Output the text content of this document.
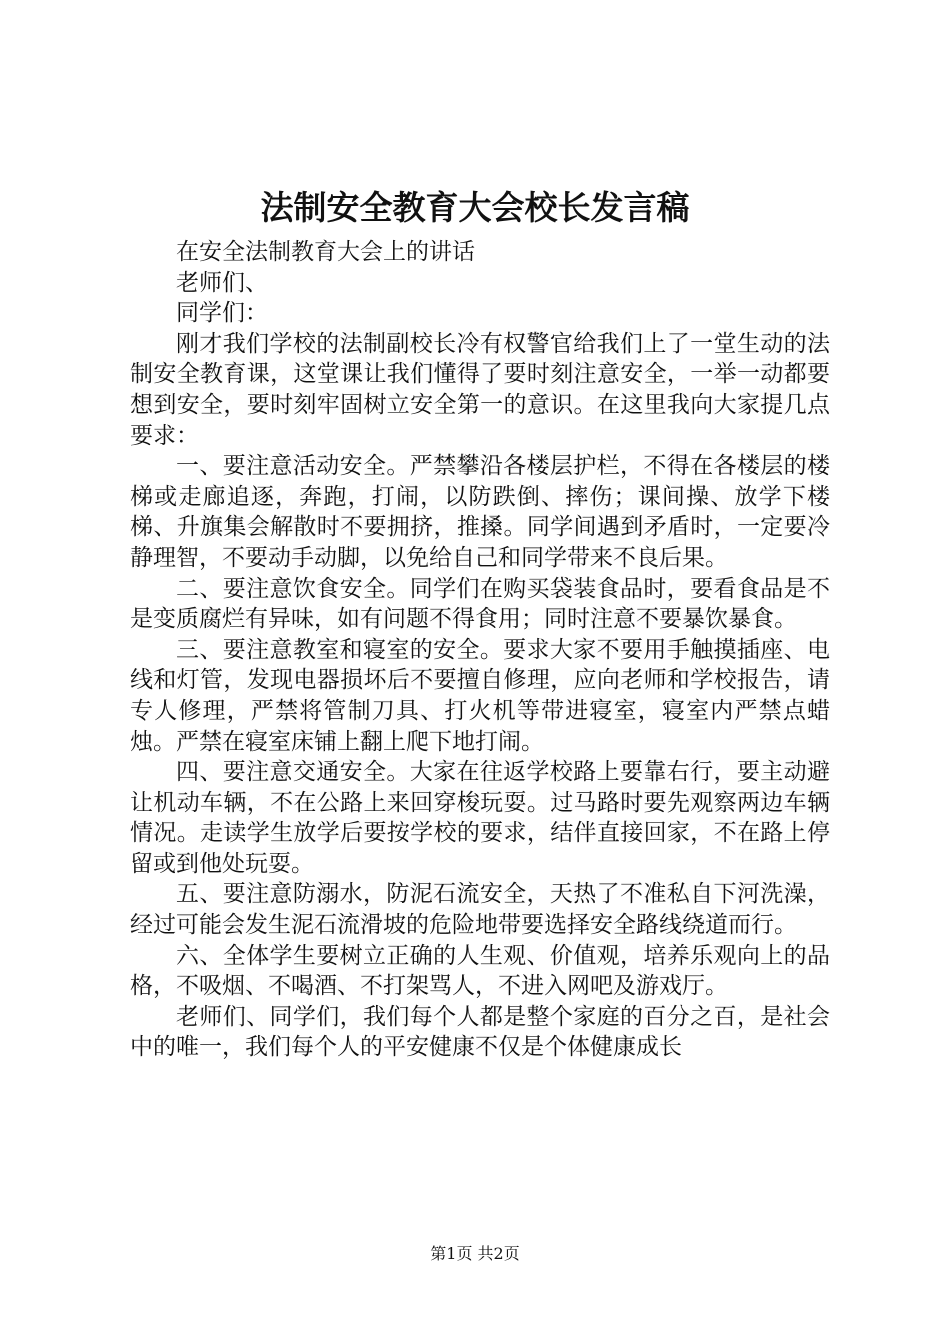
法制安全教育大会校长发言稿

在安全法制教育大会上的讲话

老师们、

同学们：

刚才我们学校的法制副校长冷有权警官给我们上了一堂生动的法制安全教育课，这堂课让我们懂得了要时刻注意安全，一举一动都要想到安全，要时刻牢固树立安全第一的意识。在这里我向大家提几点要求：

一、要注意活动安全。严禁攀沿各楼层护栏，不得在各楼层的楼梯或走廊追逐，奔跑，打闹，以防跌倒、摔伤；课间操、放学下楼梯、升旗集会解散时不要拥挤，推搡。同学间遇到矛盾时，一定要冷静理智，不要动手动脚，以免给自己和同学带来不良后果。

二、要注意饮食安全。同学们在购买袋装食品时，要看食品是不是变质腐烂有异味，如有问题不得食用；同时注意不要暴饮暴食。

三、要注意教室和寝室的安全。要求大家不要用手触摸插座、电线和灯管，发现电器损坏后不要擅自修理，应向老师和学校报告，请专人修理，严禁将管制刀具、打火机等带进寝室，寝室内严禁点蜡烛。严禁在寝室床铺上翻上爬下地打闹。

四、要注意交通安全。大家在往返学校路上要靠右行，要主动避让机动车辆，不在公路上来回穿梭玩耍。过马路时要先观察两边车辆情况。走读学生放学后要按学校的要求，结伴直接回家，不在路上停留或到他处玩耍。

五、要注意防溺水，防泥石流安全，天热了不准私自下河洗澡，经过可能会发生泥石流滑坡的危险地带要选择安全路线绕道而行。

六、全体学生要树立正确的人生观、价值观，培养乐观向上的品格，不吸烟、不喝酒、不打架骂人，不进入网吧及游戏厅。

老师们、同学们，我们每个人都是整个家庭的百分之百，是社会中的唯一，我们每个人的平安健康不仅是个体健康成长

第1页 共2页
